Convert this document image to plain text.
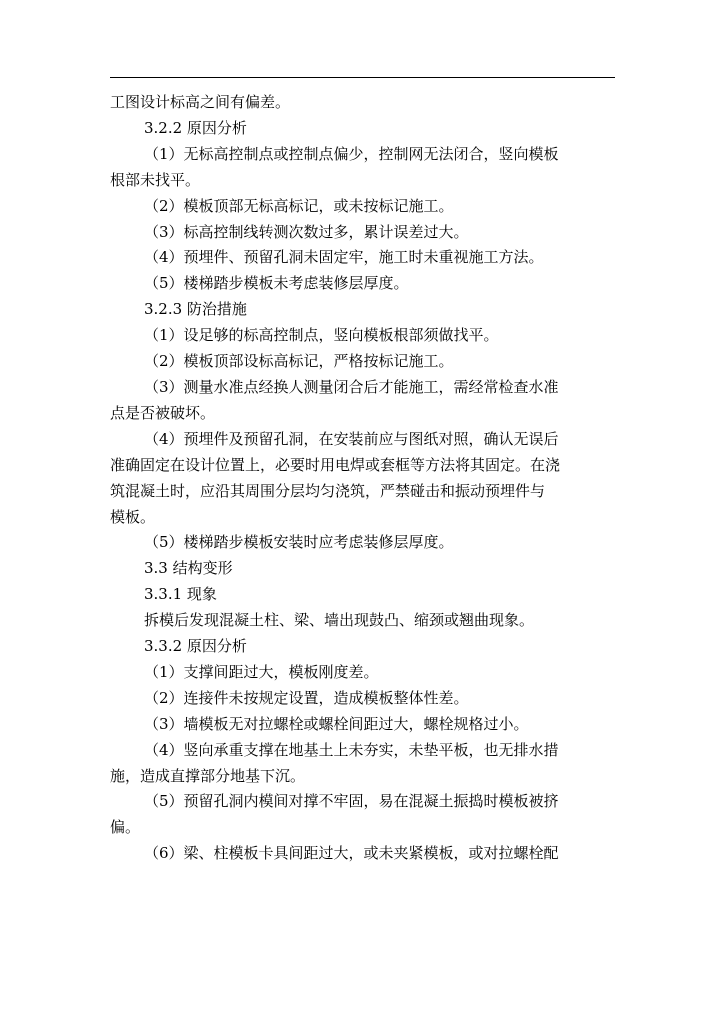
工图设计标高之间有偏差。

3.2.2 原因分析

（1）无标高控制点或控制点偏少，控制网无法闭合，竖向模板

根部未找平。

（2）模板顶部无标高标记，或未按标记施工。

（3）标高控制线转测次数过多，累计误差过大。

（4）预埋件、预留孔洞未固定牢，施工时未重视施工方法。

（5）楼梯踏步模板未考虑装修层厚度。

3.2.3 防治措施

（1）设足够的标高控制点，竖向模板根部须做找平。

（2）模板顶部设标高标记，严格按标记施工。

（3）测量水准点经换人测量闭合后才能施工，需经常检查水准

点是否被破坏。

（4）预埋件及预留孔洞，在安装前应与图纸对照，确认无误后

准确固定在设计位置上，必要时用电焊或套框等方法将其固定。在浇

筑混凝土时，应沿其周围分层均匀浇筑，严禁碰击和振动预埋件与

模板。

（5）楼梯踏步模板安装时应考虑装修层厚度。

3.3 结构变形

3.3.1 现象

拆模后发现混凝土柱、梁、墙出现鼓凸、缩颈或翘曲现象。

3.3.2 原因分析

（1）支撑间距过大，模板刚度差。

（2）连接件未按规定设置，造成模板整体性差。

（3）墙模板无对拉螺栓或螺栓间距过大，螺栓规格过小。

（4）竖向承重支撑在地基土上未夯实，未垫平板，也无排水措

施，造成直撑部分地基下沉。

（5）预留孔洞内模间对撑不牢固，易在混凝土振捣时模板被挤

偏。

（6）梁、柱模板卡具间距过大，或未夹紧模板，或对拉螺栓配
